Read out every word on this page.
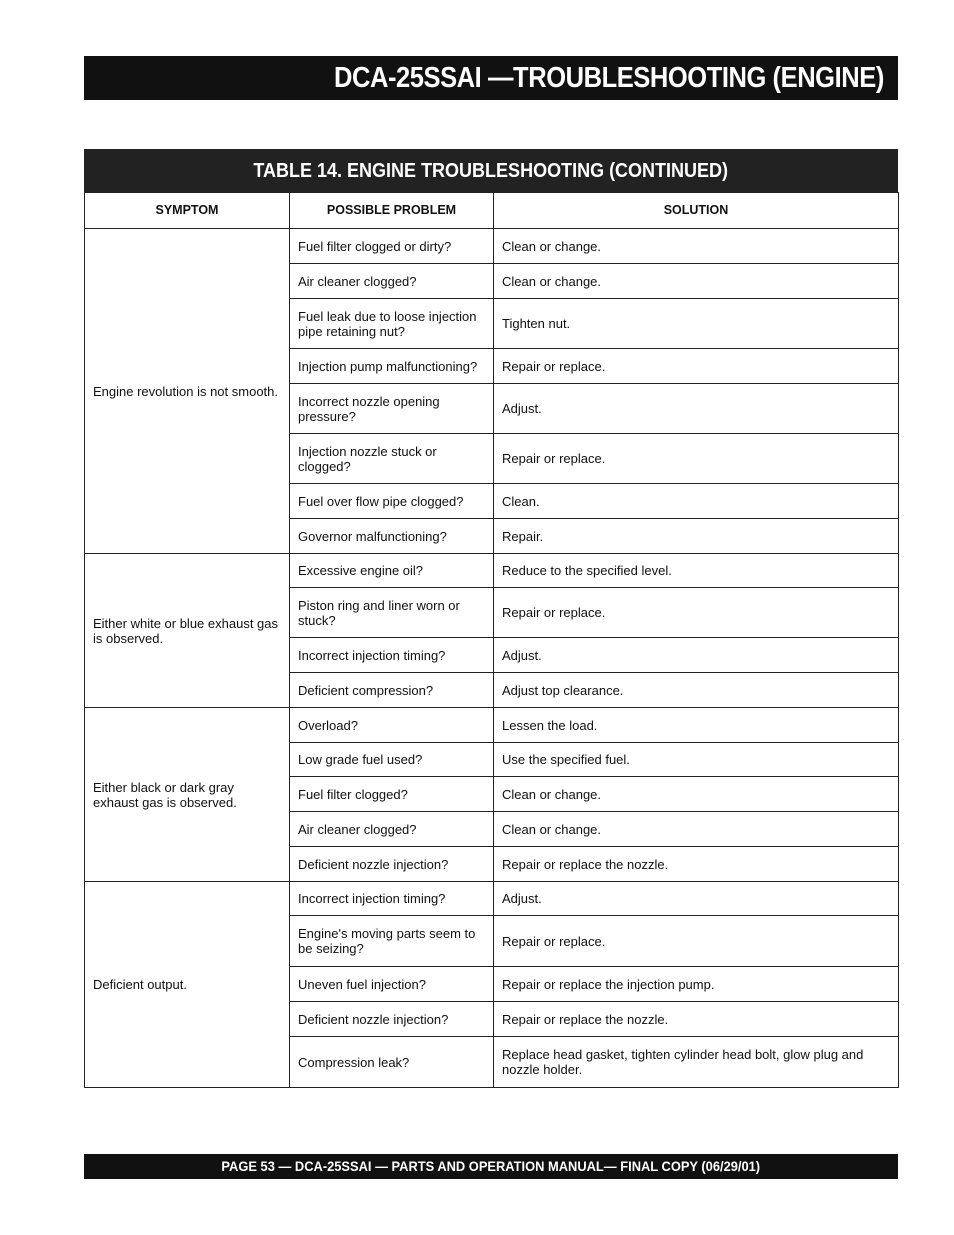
DCA-25SSAI —TROUBLESHOOTING (ENGINE)
TABLE 14. ENGINE TROUBLESHOOTING (CONTINUED)
SYMPTOM	POSSIBLE PROBLEM	SOLUTION
Engine revolution is not smooth.	Fuel filter clogged or dirty?	Clean or change.
	Air cleaner clogged?	Clean or change.
	Fuel leak due to loose injection pipe retaining nut?	Tighten nut.
	Injection pump malfunctioning?	Repair or replace.
	Incorrect nozzle opening pressure?	Adjust.
	Injection nozzle stuck or clogged?	Repair or replace.
	Fuel over flow pipe clogged?	Clean.
	Governor malfunctioning?	Repair.
Either white or blue exhaust gas is observed.	Excessive engine oil?	Reduce to the specified level.
	Piston ring and liner worn or stuck?	Repair or replace.
	Incorrect injection timing?	Adjust.
	Deficient compression?	Adjust top clearance.
Either black or dark gray exhaust gas is observed.	Overload?	Lessen the load.
	Low grade fuel used?	Use the specified fuel.
	Fuel filter clogged?	Clean or change.
	Air cleaner clogged?	Clean or change.
	Deficient nozzle injection?	Repair or replace the nozzle.
Deficient output.	Incorrect injection timing?	Adjust.
	Engine's moving parts seem to be seizing?	Repair or replace.
	Uneven fuel injection?	Repair or replace the injection pump.
	Deficient nozzle injection?	Repair or replace the nozzle.
	Compression leak?	Replace head gasket, tighten cylinder head bolt, glow plug and nozzle holder.
PAGE 53 — DCA-25SSAI — PARTS AND OPERATION MANUAL— FINAL COPY (06/29/01)
